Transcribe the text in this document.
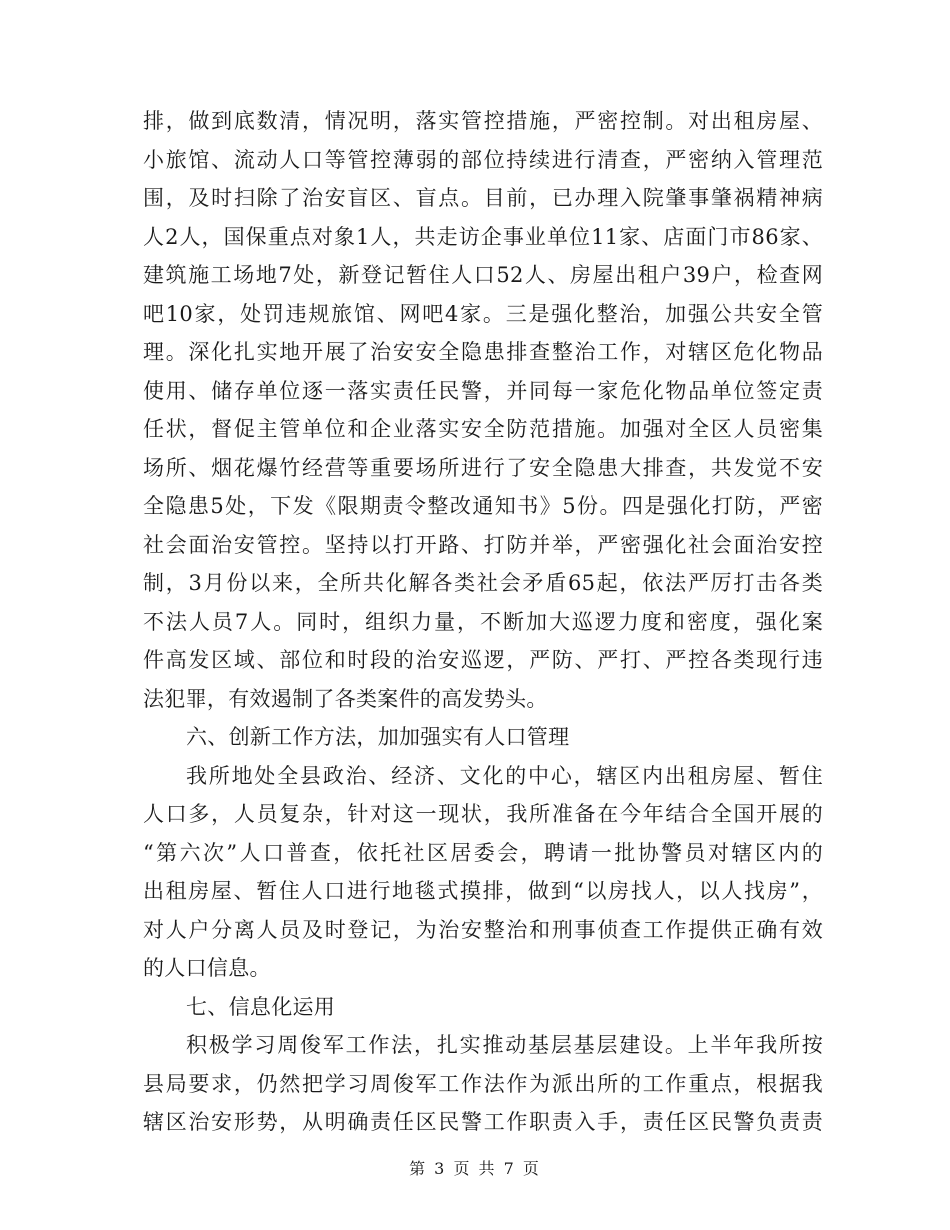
排，做到底数清，情况明，落实管控措施，严密控制。对出租房屋、
小旅馆、流动人口等管控薄弱的部位持续进行清查，严密纳入管理范
围，及时扫除了治安盲区、盲点。目前，已办理入院肇事肇祸精神病
人2人，国保重点对象1人，共走访企事业单位11家、店面门市86家、
建筑施工场地7处，新登记暂住人口52人、房屋出租户39户，检查网
吧10家，处罚违规旅馆、网吧4家。三是强化整治，加强公共安全管
理。深化扎实地开展了治安安全隐患排查整治工作，对辖区危化物品
使用、储存单位逐一落实责任民警，并同每一家危化物品单位签定责
任状，督促主管单位和企业落实安全防范措施。加强对全区人员密集
场所、烟花爆竹经营等重要场所进行了安全隐患大排查，共发觉不安
全隐患5处，下发《限期责令整改通知书》5份。四是强化打防，严密
社会面治安管控。坚持以打开路、打防并举，严密强化社会面治安控
制，3月份以来，全所共化解各类社会矛盾65起，依法严厉打击各类
不法人员7人。同时，组织力量，不断加大巡逻力度和密度，强化案
件高发区域、部位和时段的治安巡逻，严防、严打、严控各类现行违
法犯罪，有效遏制了各类案件的高发势头。
六、创新工作方法，加加强实有人口管理
我所地处全县政治、经济、文化的中心，辖区内出租房屋、暂住
人口多，人员复杂，针对这一现状，我所准备在今年结合全国开展的
“第六次”人口普查，依托社区居委会，聘请一批协警员对辖区内的
出租房屋、暂住人口进行地毯式摸排，做到“以房找人，以人找房”，
对人户分离人员及时登记，为治安整治和刑事侦查工作提供正确有效
的人口信息。
七、信息化运用
积极学习周俊军工作法，扎实推动基层基层建设。上半年我所按
县局要求，仍然把学习周俊军工作法作为派出所的工作重点，根据我
辖区治安形势，从明确责任区民警工作职责入手，责任区民警负责责
第 3 页 共 7 页
